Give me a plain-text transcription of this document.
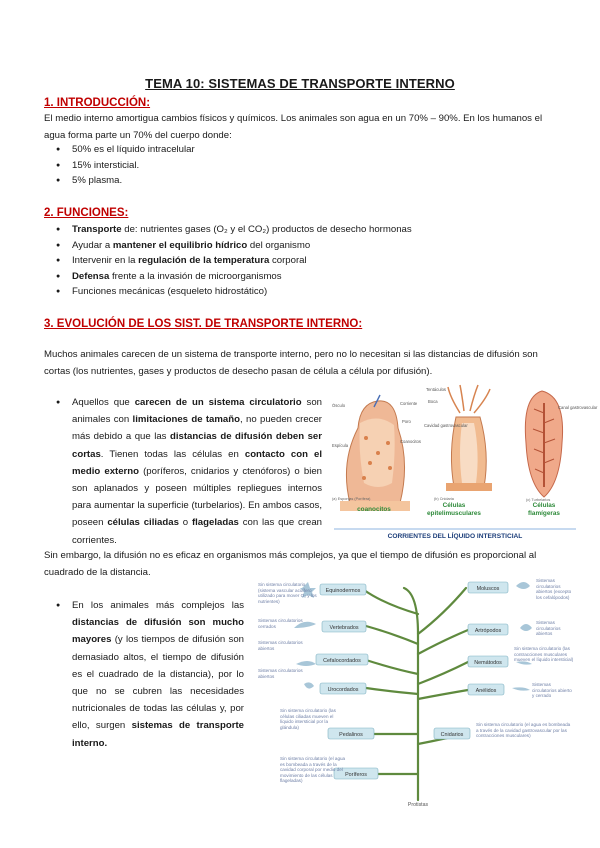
TEMA 10: SISTEMAS DE TRANSPORTE INTERNO
1. INTRODUCCIÓN:
El medio interno amortigua cambios físicos y químicos. Los animales son agua en un 70% – 90%. En los humanos el agua forma parte un 70% del cuerpo donde:
● 50% es el líquido intracelular
● 15% intersticial.
● 5% plasma.
2. FUNCIONES:
● Transporte de: nutrientes gases (O₂ y el CO₂) productos de desecho hormonas
● Ayudar a mantener el equilibrio hídrico del organismo
● Intervenir en la regulación de la temperatura corporal
● Defensa frente a la invasión de microorganismos
● Funciones mecánicas (esqueleto hidrostático)
3. EVOLUCIÓN DE LOS SIST. DE TRANSPORTE INTERNO:
Muchos animales carecen de un sistema de transporte interno, pero no lo necesitan si las distancias de difusión son cortas (los nutrientes, gases y productos de desecho pasan de célula a célula por difusión).
● Aquellos que carecen de un sistema circulatorio son animales con limitaciones de tamaño, no pueden crecer más debido a que las distancias de difusión deben ser cortas. Tienen todas las células en contacto con el medio externo (poríferos, cnidarios y ctenóforos) o bien son aplanados y poseen múltiples repliegues internos para aumentar la superficie (turbelarios). En ambos casos, poseen células ciliadas o flageladas con las que crean corrientes.
Ósculo	Corriente
Poro
Espícula
Coanocitos
Boca
Tentáculos
Cavidad gastrovascular
Canal gastrovascular
(a) Esponjas (Porífera)	(b) Cnidaria	(c) Turbelarios
coanocitos
CORRIENTES DEL LÍQUIDO INTERSTICIAL
Células epitelimusculares
Células flamígeras
Sin embargo, la difusión no es eficaz en organismos más complejos, ya que el tiempo de difusión es proporcional al cuadrado de la distancia.
● En los animales más complejos las distancias de difusión son mucho mayores (y los tiempos de difusión son demasiado altos, el tiempo de difusión es el cuadrado de la distancia), por lo que no se cubren las necesidades nutricionales de todas las células y, por ello, surgen sistemas de transporte interno.
Equinodermos
Vertebrados
Cefalocordados
Urocordados
Pedalinos
Poríferos
Moluscos
Artrópodos
Nemátodos
Anélidos
Cnidarios
Protistas
Sin sistema circulatorio (sistema vascular acuífero utilizado para mover O₂ y los nutrientes)
Sistemas circulatorios cerrados
Sistemas circulatorios abiertos
Sistemas circulatorios abiertos
Sin sistema circulatorio (las células ciliadas mueven el líquido intersticial por la glándula)
Sin sistema circulatorio (el agua es bombeada a través de la cavidad corporal por medio del movimiento de las células flageladas)
Sistemas circulatorios abiertos (excepto los cefalópodos)
Sistemas circulatorios abiertos
Sin sistema circulatorio (las contracciones musculares mueven el líquido intersticial)
Sistemas circulatorios abierto y cerrado
Sin sistema circulatorio (el agua es bombeada a través de la cavidad gastrovascular por las contracciones musculares)
